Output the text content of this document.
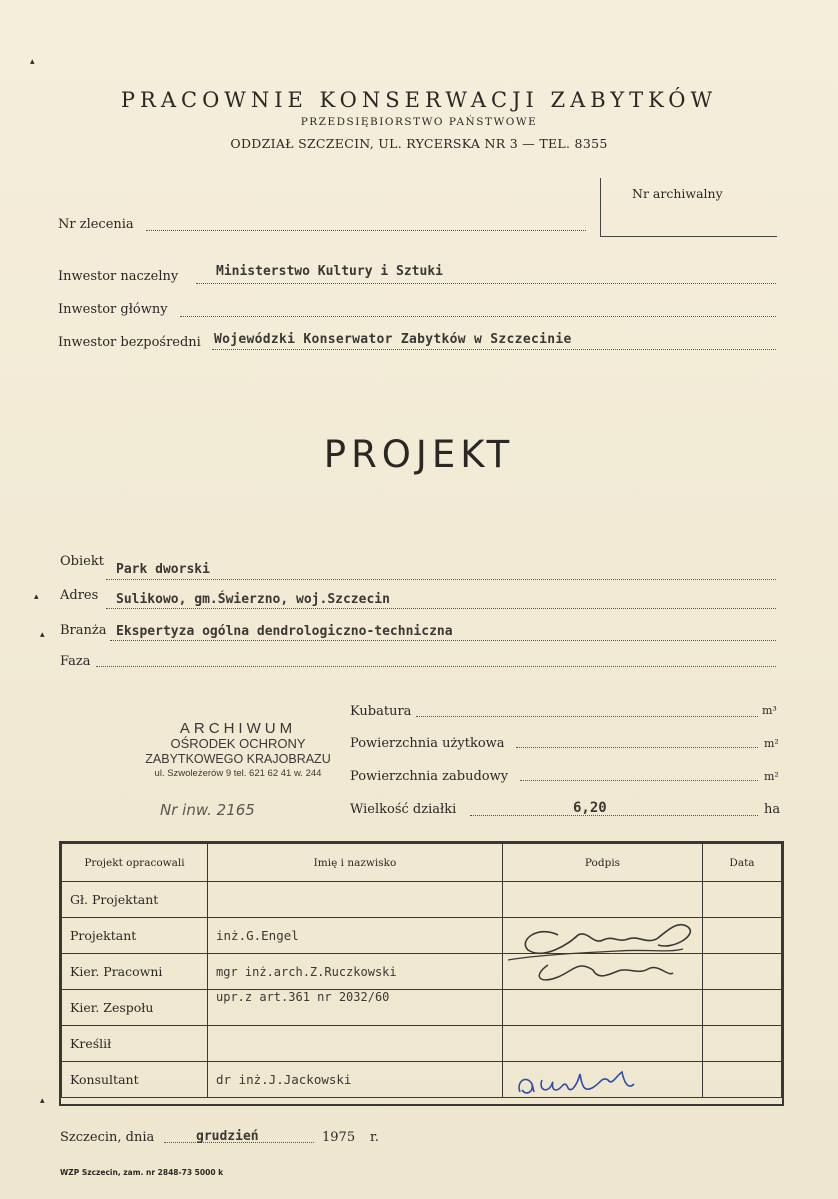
PRACOWNIE KONSERWACJI ZABYTKÓW
PRZEDSIĘBIORSTWO PAŃSTWOWE
ODDZIAŁ SZCZECIN, UL. RYCERSKA NR 3 — TEL. 8355
Nr archiwalny
Nr zlecenia
Inwestor naczelny	Ministerstwo Kultury i Sztuki
Inwestor główny
Inwestor bezpośredni Wojewódzki Konserwator Zabytków w Szczecinie
PROJEKT
Obiekt
Park dworski
Adres Sulikowo, gm.Świerzno, woj.Szczecin
Branża Ekspertyza ogólna dendrologiczno-techniczna
Faza
ARCHIWUM
OŚRODEK OCHRONY
ZABYTKOWEGO KRAJOBRAZU
ul. Szwoleżerów 9 tel. 621 62 41 w. 244
Nr inw. 2165
Kubatura	m³
Powierzchnia użytkowa	m²
Powierzchnia zabudowy	m²
Wielkość działki	6,20	ha
Projekt opracowali	Imię i nazwisko	Podpis	Data
Gł. Projektant			
Projektant	inż.G.Engel		
Kier. Pracowni	mgr inż.arch.Z.Ruczkowski		
Kier. Zespołu	upr.z art.361 nr 2032/60		
Kreślił			
Konsultant	dr inż.J.Jackowski		
Szczecin, dnia	grudzień	1975 r.
WZP Szczecin, zam. nr 2848-73 5000 k
▴
▴
▴
▴
